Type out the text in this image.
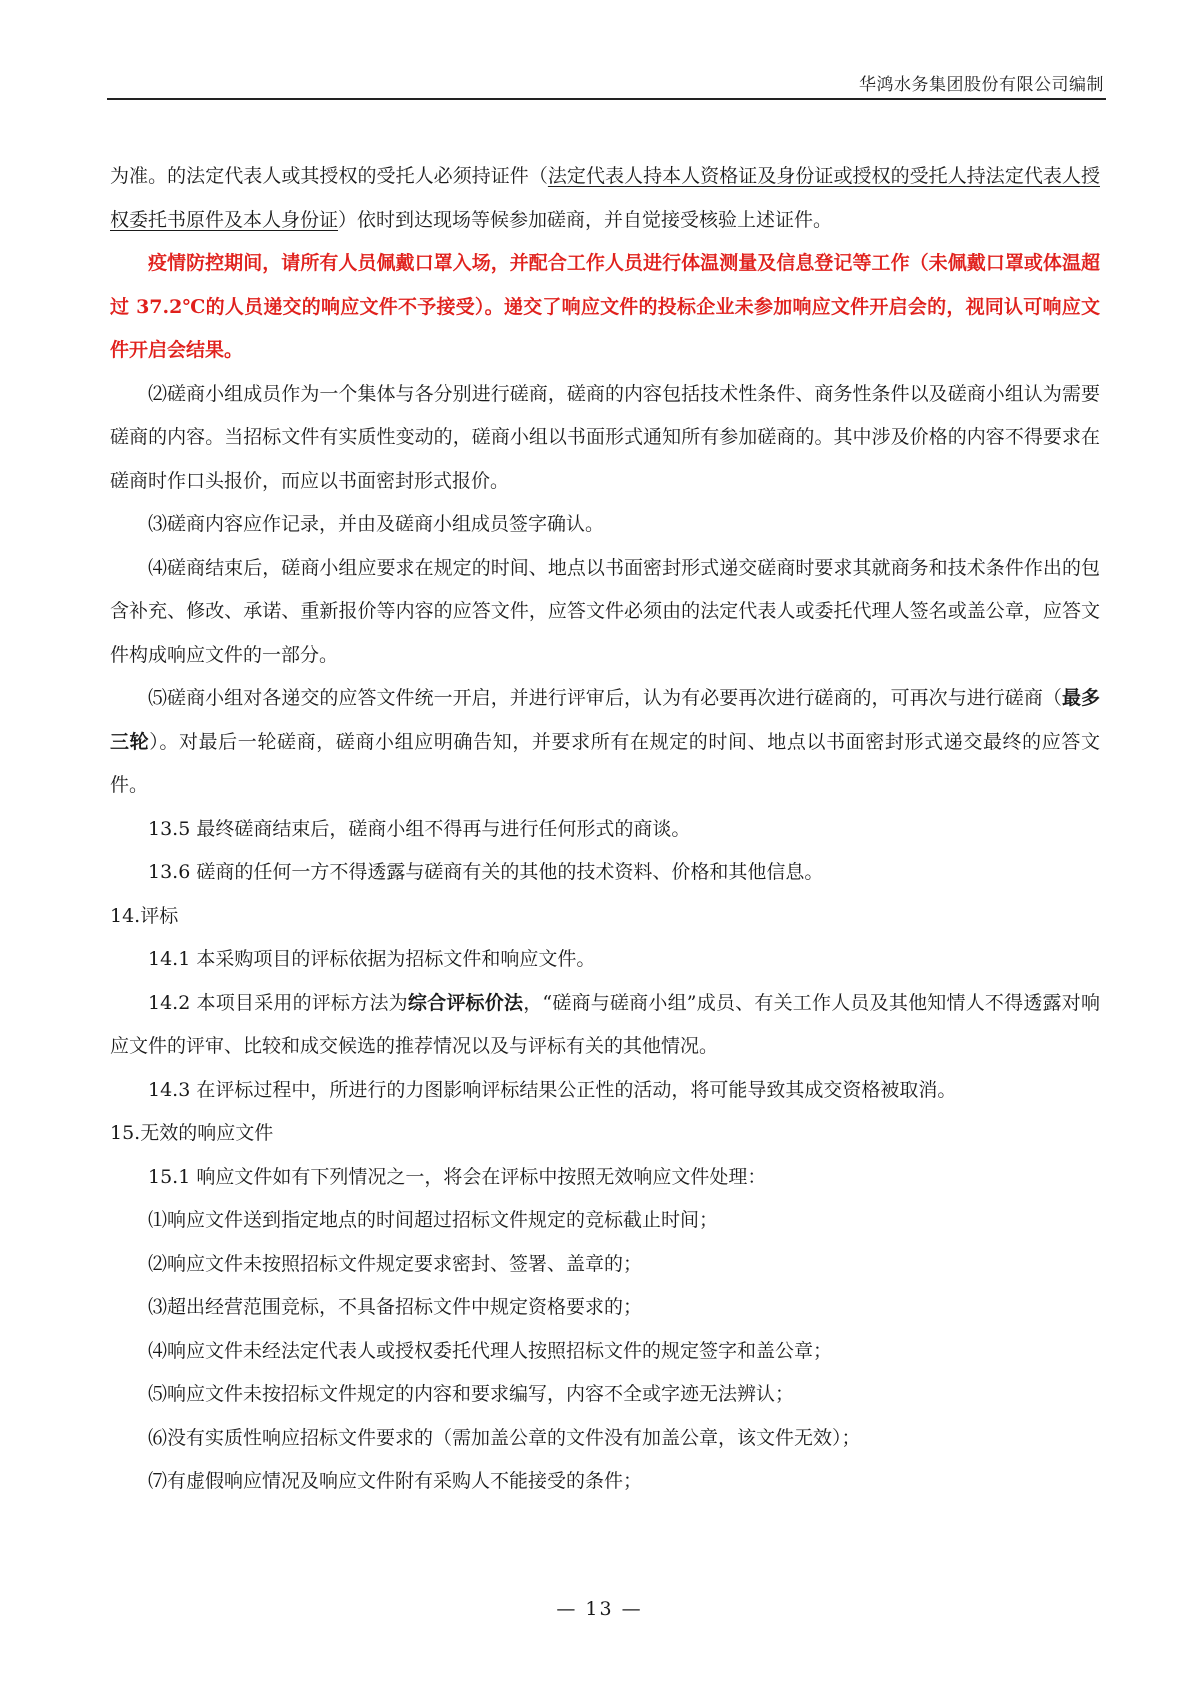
华鸿水务集团股份有限公司编制

为准。的法定代表人或其授权的受托人必须持证件（法定代表人持本人资格证及身份证或授权的受托人持法定代表人授权委托书原件及本人身份证）依时到达现场等候参加磋商，并自觉接受核验上述证件。

疫情防控期间，请所有人员佩戴口罩入场，并配合工作人员进行体温测量及信息登记等工作（未佩戴口罩或体温超过 37.2℃的人员递交的响应文件不予接受）。递交了响应文件的投标企业未参加响应文件开启会的，视同认可响应文件开启会结果。

⑵磋商小组成员作为一个集体与各分别进行磋商，磋商的内容包括技术性条件、商务性条件以及磋商小组认为需要磋商的内容。当招标文件有实质性变动的，磋商小组以书面形式通知所有参加磋商的。其中涉及价格的内容不得要求在磋商时作口头报价，而应以书面密封形式报价。

⑶磋商内容应作记录，并由及磋商小组成员签字确认。

⑷磋商结束后，磋商小组应要求在规定的时间、地点以书面密封形式递交磋商时要求其就商务和技术条件作出的包含补充、修改、承诺、重新报价等内容的应答文件，应答文件必须由的法定代表人或委托代理人签名或盖公章，应答文件构成响应文件的一部分。

⑸磋商小组对各递交的应答文件统一开启，并进行评审后，认为有必要再次进行磋商的，可再次与进行磋商（最多三轮）。对最后一轮磋商，磋商小组应明确告知，并要求所有在规定的时间、地点以书面密封形式递交最终的应答文件。

13.5 最终磋商结束后，磋商小组不得再与进行任何形式的商谈。

13.6 磋商的任何一方不得透露与磋商有关的其他的技术资料、价格和其他信息。

14.评标

14.1 本采购项目的评标依据为招标文件和响应文件。

14.2 本项目采用的评标方法为综合评标价法，“磋商与磋商小组”成员、有关工作人员及其他知情人不得透露对响应文件的评审、比较和成交候选的推荐情况以及与评标有关的其他情况。

14.3 在评标过程中，所进行的力图影响评标结果公正性的活动，将可能导致其成交资格被取消。

15.无效的响应文件

15.1 响应文件如有下列情况之一，将会在评标中按照无效响应文件处理：

⑴响应文件送到指定地点的时间超过招标文件规定的竞标截止时间；

⑵响应文件未按照招标文件规定要求密封、签署、盖章的；

⑶超出经营范围竞标，不具备招标文件中规定资格要求的；

⑷响应文件未经法定代表人或授权委托代理人按照招标文件的规定签字和盖公章；

⑸响应文件未按招标文件规定的内容和要求编写，内容不全或字迹无法辨认；

⑹没有实质性响应招标文件要求的（需加盖公章的文件没有加盖公章，该文件无效）；

⑺有虚假响应情况及响应文件附有采购人不能接受的条件；

— 13 —
